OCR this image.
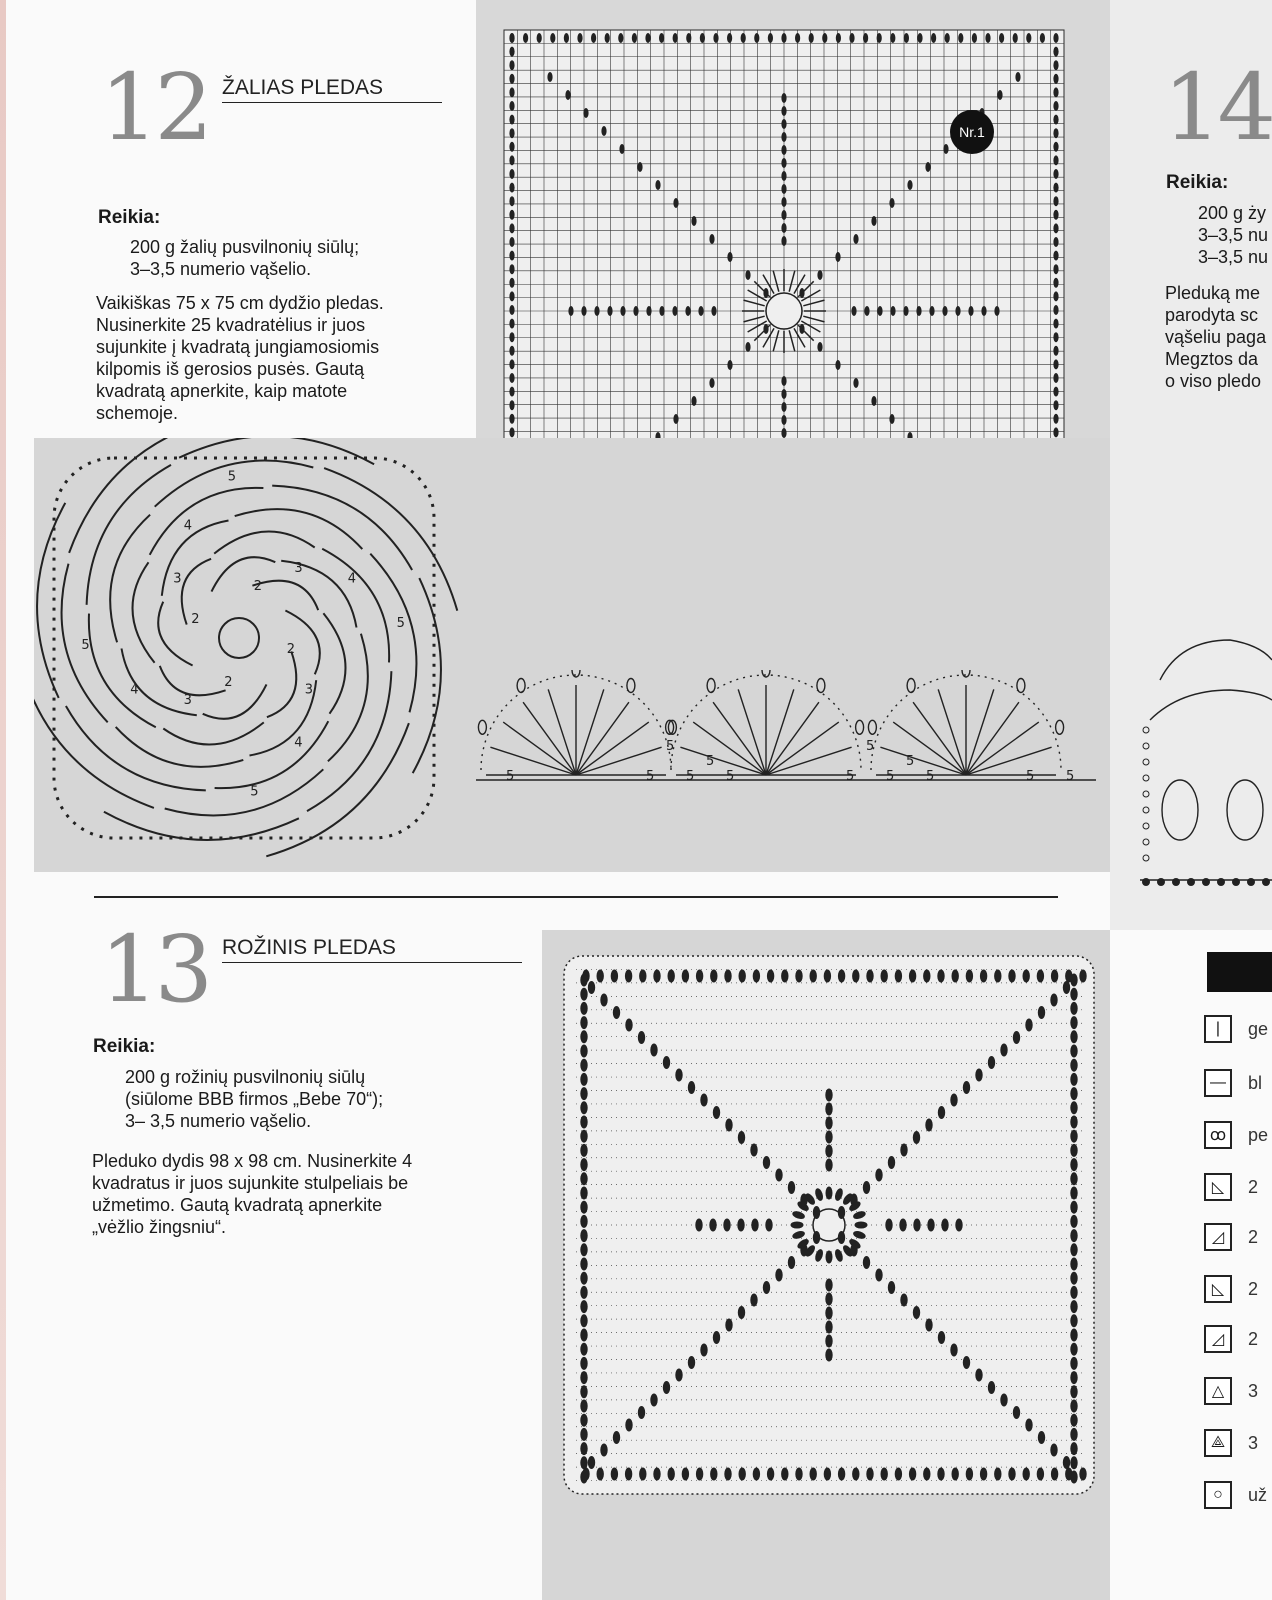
12 ŽALIAS PLEDAS
Reikia:

200 g žalių pusvilnonių siūlų;

3–3,5 numerio vąšelio.

Vaikiškas 75 x 75 cm dydžio pledas.

Nusinerkite 25 kvadratėlius ir juos

sujunkite į kvadratą jungiamosiomis

kilpomis iš gerosios pusės. Gautą

kvadratą apnerkite, kaip matote

schemoje.

Nr.1
2
2
2
2
3
3
3
3
4
4
4
4
5
5
5
5
5
5
5
5
5
5
5	5	5
5	5	5
5
13 ROŽINIS PLEDAS
Reikia:

200 g rožinių pusvilnonių siūlų

(siūlome BBB firmos „Bebe 70“);

3– 3,5 numerio vąšelio.

Pleduko dydis 98 x 98 cm. Nusinerkite 4

kvadratus ir juos sujunkite stulpeliais be

užmetimo. Gautą kvadratą apnerkite

„vėžlio žingsniu“.

14
Reikia:

200 g ży

3–3,5 nu

3–3,5 nu

Pleduką me

parodyta sc

vąšeliu paga

Megztos da

o viso pledo

|	ge
—	bl
ꝏ	pe
◺	2
◿	2
◺	2
◿	2
△	3
⟁	3
○	už
